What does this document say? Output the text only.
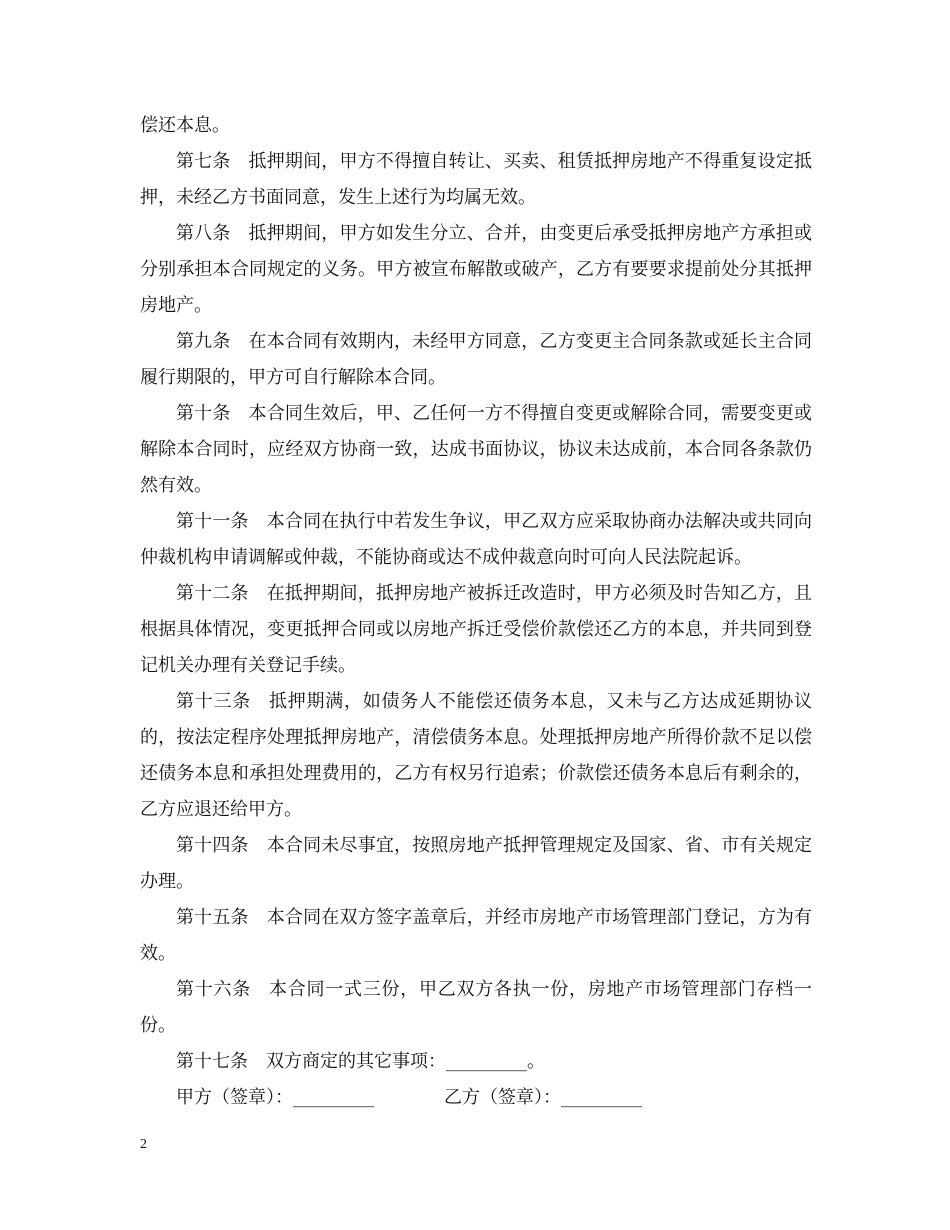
偿还本息。

第七条 抵押期间，甲方不得擅自转让、买卖、租赁抵押房地产不得重复设定抵押，未经乙方书面同意，发生上述行为均属无效。

第八条 抵押期间，甲方如发生分立、合并，由变更后承受抵押房地产方承担或分别承担本合同规定的义务。甲方被宣布解散或破产，乙方有要要求提前处分其抵押房地产。

第九条 在本合同有效期内，未经甲方同意，乙方变更主合同条款或延长主合同履行期限的，甲方可自行解除本合同。

第十条 本合同生效后，甲、乙任何一方不得擅自变更或解除合同，需要变更或解除本合同时，应经双方协商一致，达成书面协议，协议未达成前，本合同各条款仍然有效。

第十一条 本合同在执行中若发生争议，甲乙双方应采取协商办法解决或共同向仲裁机构申请调解或仲裁，不能协商或达不成仲裁意向时可向人民法院起诉。

第十二条 在抵押期间，抵押房地产被拆迁改造时，甲方必须及时告知乙方，且根据具体情况，变更抵押合同或以房地产拆迁受偿价款偿还乙方的本息，并共同到登记机关办理有关登记手续。

第十三条 抵押期满，如债务人不能偿还债务本息，又未与乙方达成延期协议的，按法定程序处理抵押房地产，清偿债务本息。处理抵押房地产所得价款不足以偿还债务本息和承担处理费用的，乙方有权另行追索；价款偿还债务本息后有剩余的，乙方应退还给甲方。

第十四条 本合同未尽事宜，按照房地产抵押管理规定及国家、省、市有关规定办理。

第十五条 本合同在双方签字盖章后，并经市房地产市场管理部门登记，方为有效。

第十六条 本合同一式三份，甲乙双方各执一份，房地产市场管理部门存档一份。

第十七条 双方商定的其它事项：_________。

甲方（签章）：_________	乙方（签章）：_________

2
